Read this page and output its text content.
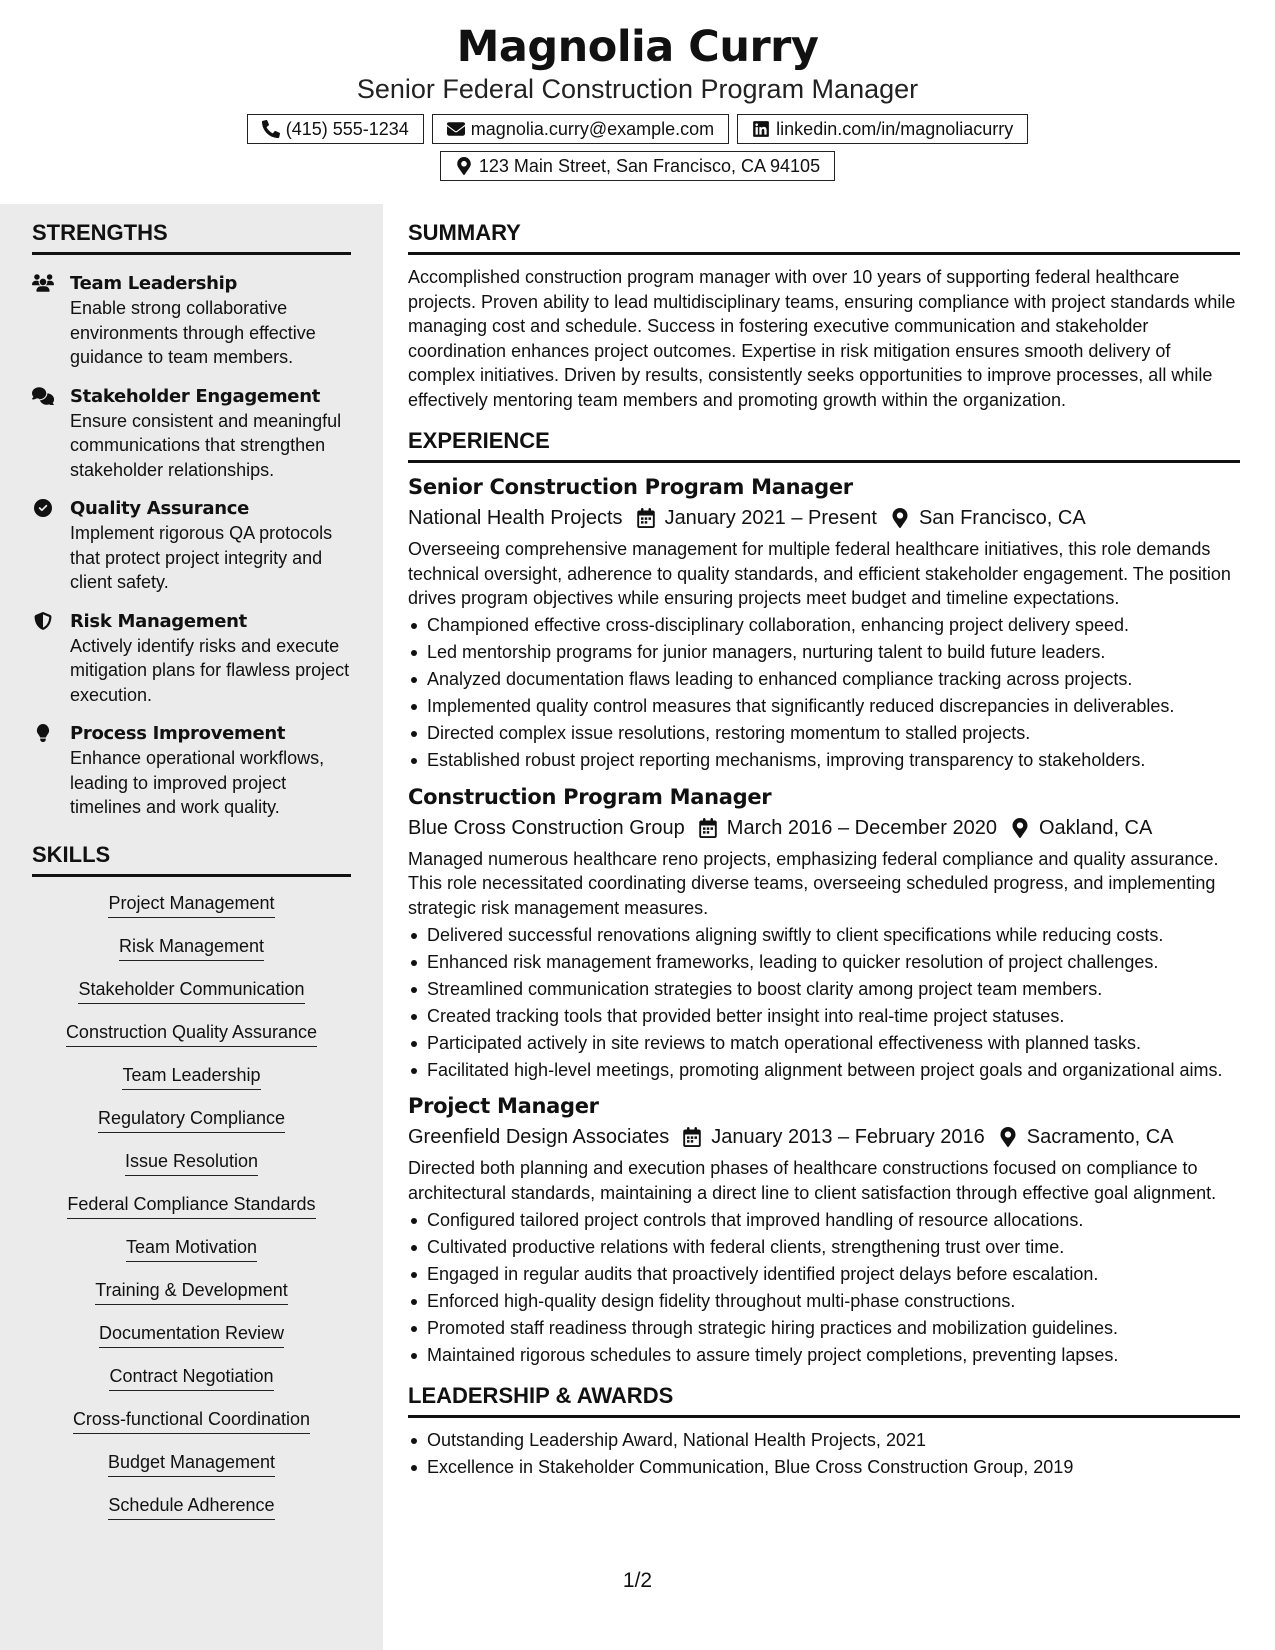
Magnolia Curry
Senior Federal Construction Program Manager
(415) 555-1234	magnolia.curry@example.com	linkedin.com/in/magnoliacurry
123 Main Street, San Francisco, CA 94105
STRENGTHS
Team Leadership
Enable strong collaborative environments through effective guidance to team members.
Stakeholder Engagement
Ensure consistent and meaningful communications that strengthen stakeholder relationships.
Quality Assurance
Implement rigorous QA protocols that protect project integrity and client safety.
Risk Management
Actively identify risks and execute mitigation plans for flawless project execution.
Process Improvement
Enhance operational workflows, leading to improved project timelines and work quality.
SKILLS
Project Management
Risk Management
Stakeholder Communication
Construction Quality Assurance
Team Leadership
Regulatory Compliance
Issue Resolution
Federal Compliance Standards
Team Motivation
Training & Development
Documentation Review
Contract Negotiation
Cross-functional Coordination
Budget Management
Schedule Adherence
SUMMARY
Accomplished construction program manager with over 10 years of supporting federal healthcare projects. Proven ability to lead multidisciplinary teams, ensuring compliance with project standards while managing cost and schedule. Success in fostering executive communication and stakeholder coordination enhances project outcomes. Expertise in risk mitigation ensures smooth delivery of complex initiatives. Driven by results, consistently seeks opportunities to improve processes, all while effectively mentoring team members and promoting growth within the organization.
EXPERIENCE
Senior Construction Program Manager
National Health Projects January 2021 – Present San Francisco, CA
Overseeing comprehensive management for multiple federal healthcare initiatives, this role demands technical oversight, adherence to quality standards, and efficient stakeholder engagement. The position drives program objectives while ensuring projects meet budget and timeline expectations.
Championed effective cross-disciplinary collaboration, enhancing project delivery speed.
Led mentorship programs for junior managers, nurturing talent to build future leaders.
Analyzed documentation flaws leading to enhanced compliance tracking across projects.
Implemented quality control measures that significantly reduced discrepancies in deliverables.
Directed complex issue resolutions, restoring momentum to stalled projects.
Established robust project reporting mechanisms, improving transparency to stakeholders.
Construction Program Manager
Blue Cross Construction Group March 2016 – December 2020 Oakland, CA
Managed numerous healthcare reno projects, emphasizing federal compliance and quality assurance. This role necessitated coordinating diverse teams, overseeing scheduled progress, and implementing strategic risk management measures.
Delivered successful renovations aligning swiftly to client specifications while reducing costs.
Enhanced risk management frameworks, leading to quicker resolution of project challenges.
Streamlined communication strategies to boost clarity among project team members.
Created tracking tools that provided better insight into real-time project statuses.
Participated actively in site reviews to match operational effectiveness with planned tasks.
Facilitated high-level meetings, promoting alignment between project goals and organizational aims.
Project Manager
Greenfield Design Associates January 2013 – February 2016 Sacramento, CA
Directed both planning and execution phases of healthcare constructions focused on compliance to architectural standards, maintaining a direct line to client satisfaction through effective goal alignment.
Configured tailored project controls that improved handling of resource allocations.
Cultivated productive relations with federal clients, strengthening trust over time.
Engaged in regular audits that proactively identified project delays before escalation.
Enforced high-quality design fidelity throughout multi-phase constructions.
Promoted staff readiness through strategic hiring practices and mobilization guidelines.
Maintained rigorous schedules to assure timely project completions, preventing lapses.
LEADERSHIP & AWARDS
Outstanding Leadership Award, National Health Projects, 2021
Excellence in Stakeholder Communication, Blue Cross Construction Group, 2019
1/2
